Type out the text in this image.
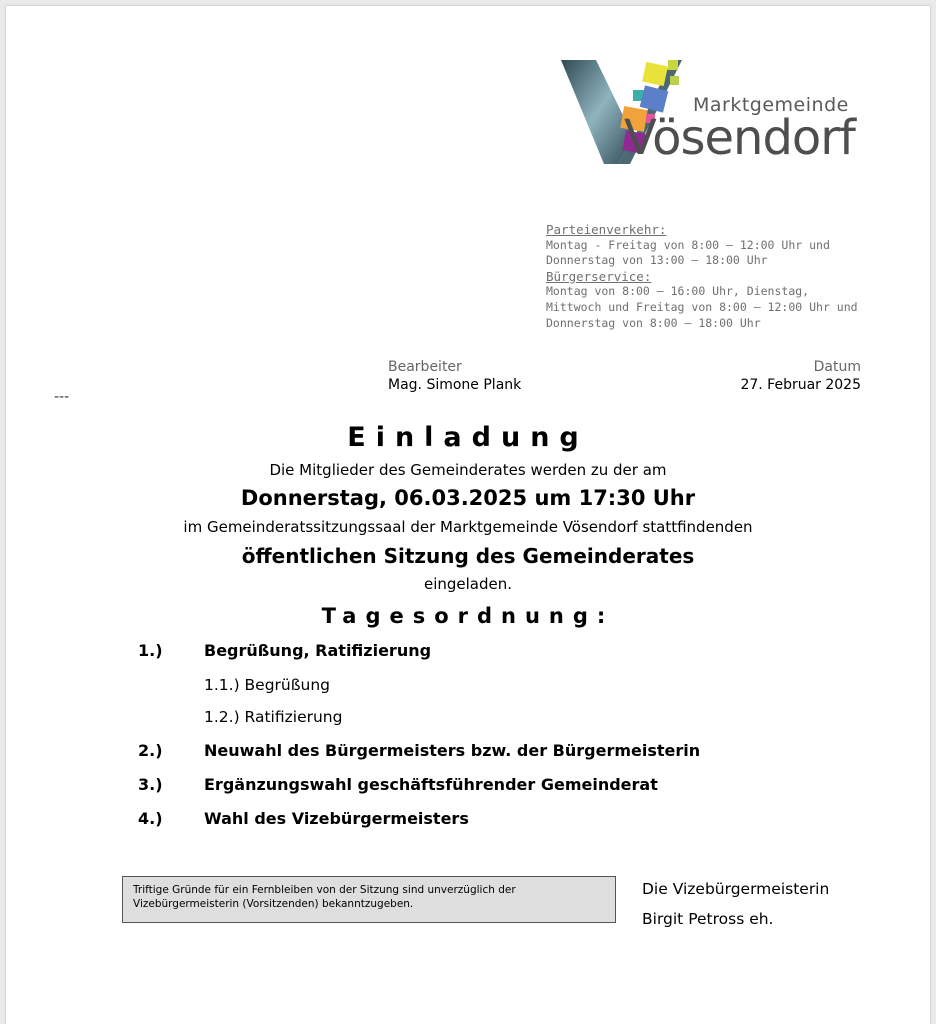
Marktgemeinde
Vösendorf
Parteienverkehr:
Montag - Freitag von 8:00 – 12:00 Uhr und
Donnerstag von 13:00 – 18:00 Uhr
Bürgerservice:
Montag von 8:00 – 16:00 Uhr, Dienstag,
Mittwoch und Freitag von 8:00 – 12:00 Uhr und
Donnerstag von 8:00 – 18:00 Uhr
Bearbeiter
Mag. Simone Plank
Datum
27. Februar 2025
---
Einladung
Die Mitglieder des Gemeinderates werden zu der am
Donnerstag, 06.03.2025 um 17:30 Uhr
im Gemeinderatssitzungssaal der Marktgemeinde Vösendorf stattfindenden
öffentlichen Sitzung des Gemeinderates
eingeladen.
Tagesordnung:
1.)	Begrüßung, Ratifizierung
1.1.) Begrüßung
1.2.) Ratifizierung
2.)	Neuwahl des Bürgermeisters bzw. der Bürgermeisterin
3.)	Ergänzungswahl geschäftsführender Gemeinderat
4.)	Wahl des Vizebürgermeisters
Triftige Gründe für ein Fernbleiben von der Sitzung sind unverzüglich der
Vizebürgermeisterin (Vorsitzenden) bekanntzugeben.
Die Vizebürgermeisterin
Birgit Petross eh.
